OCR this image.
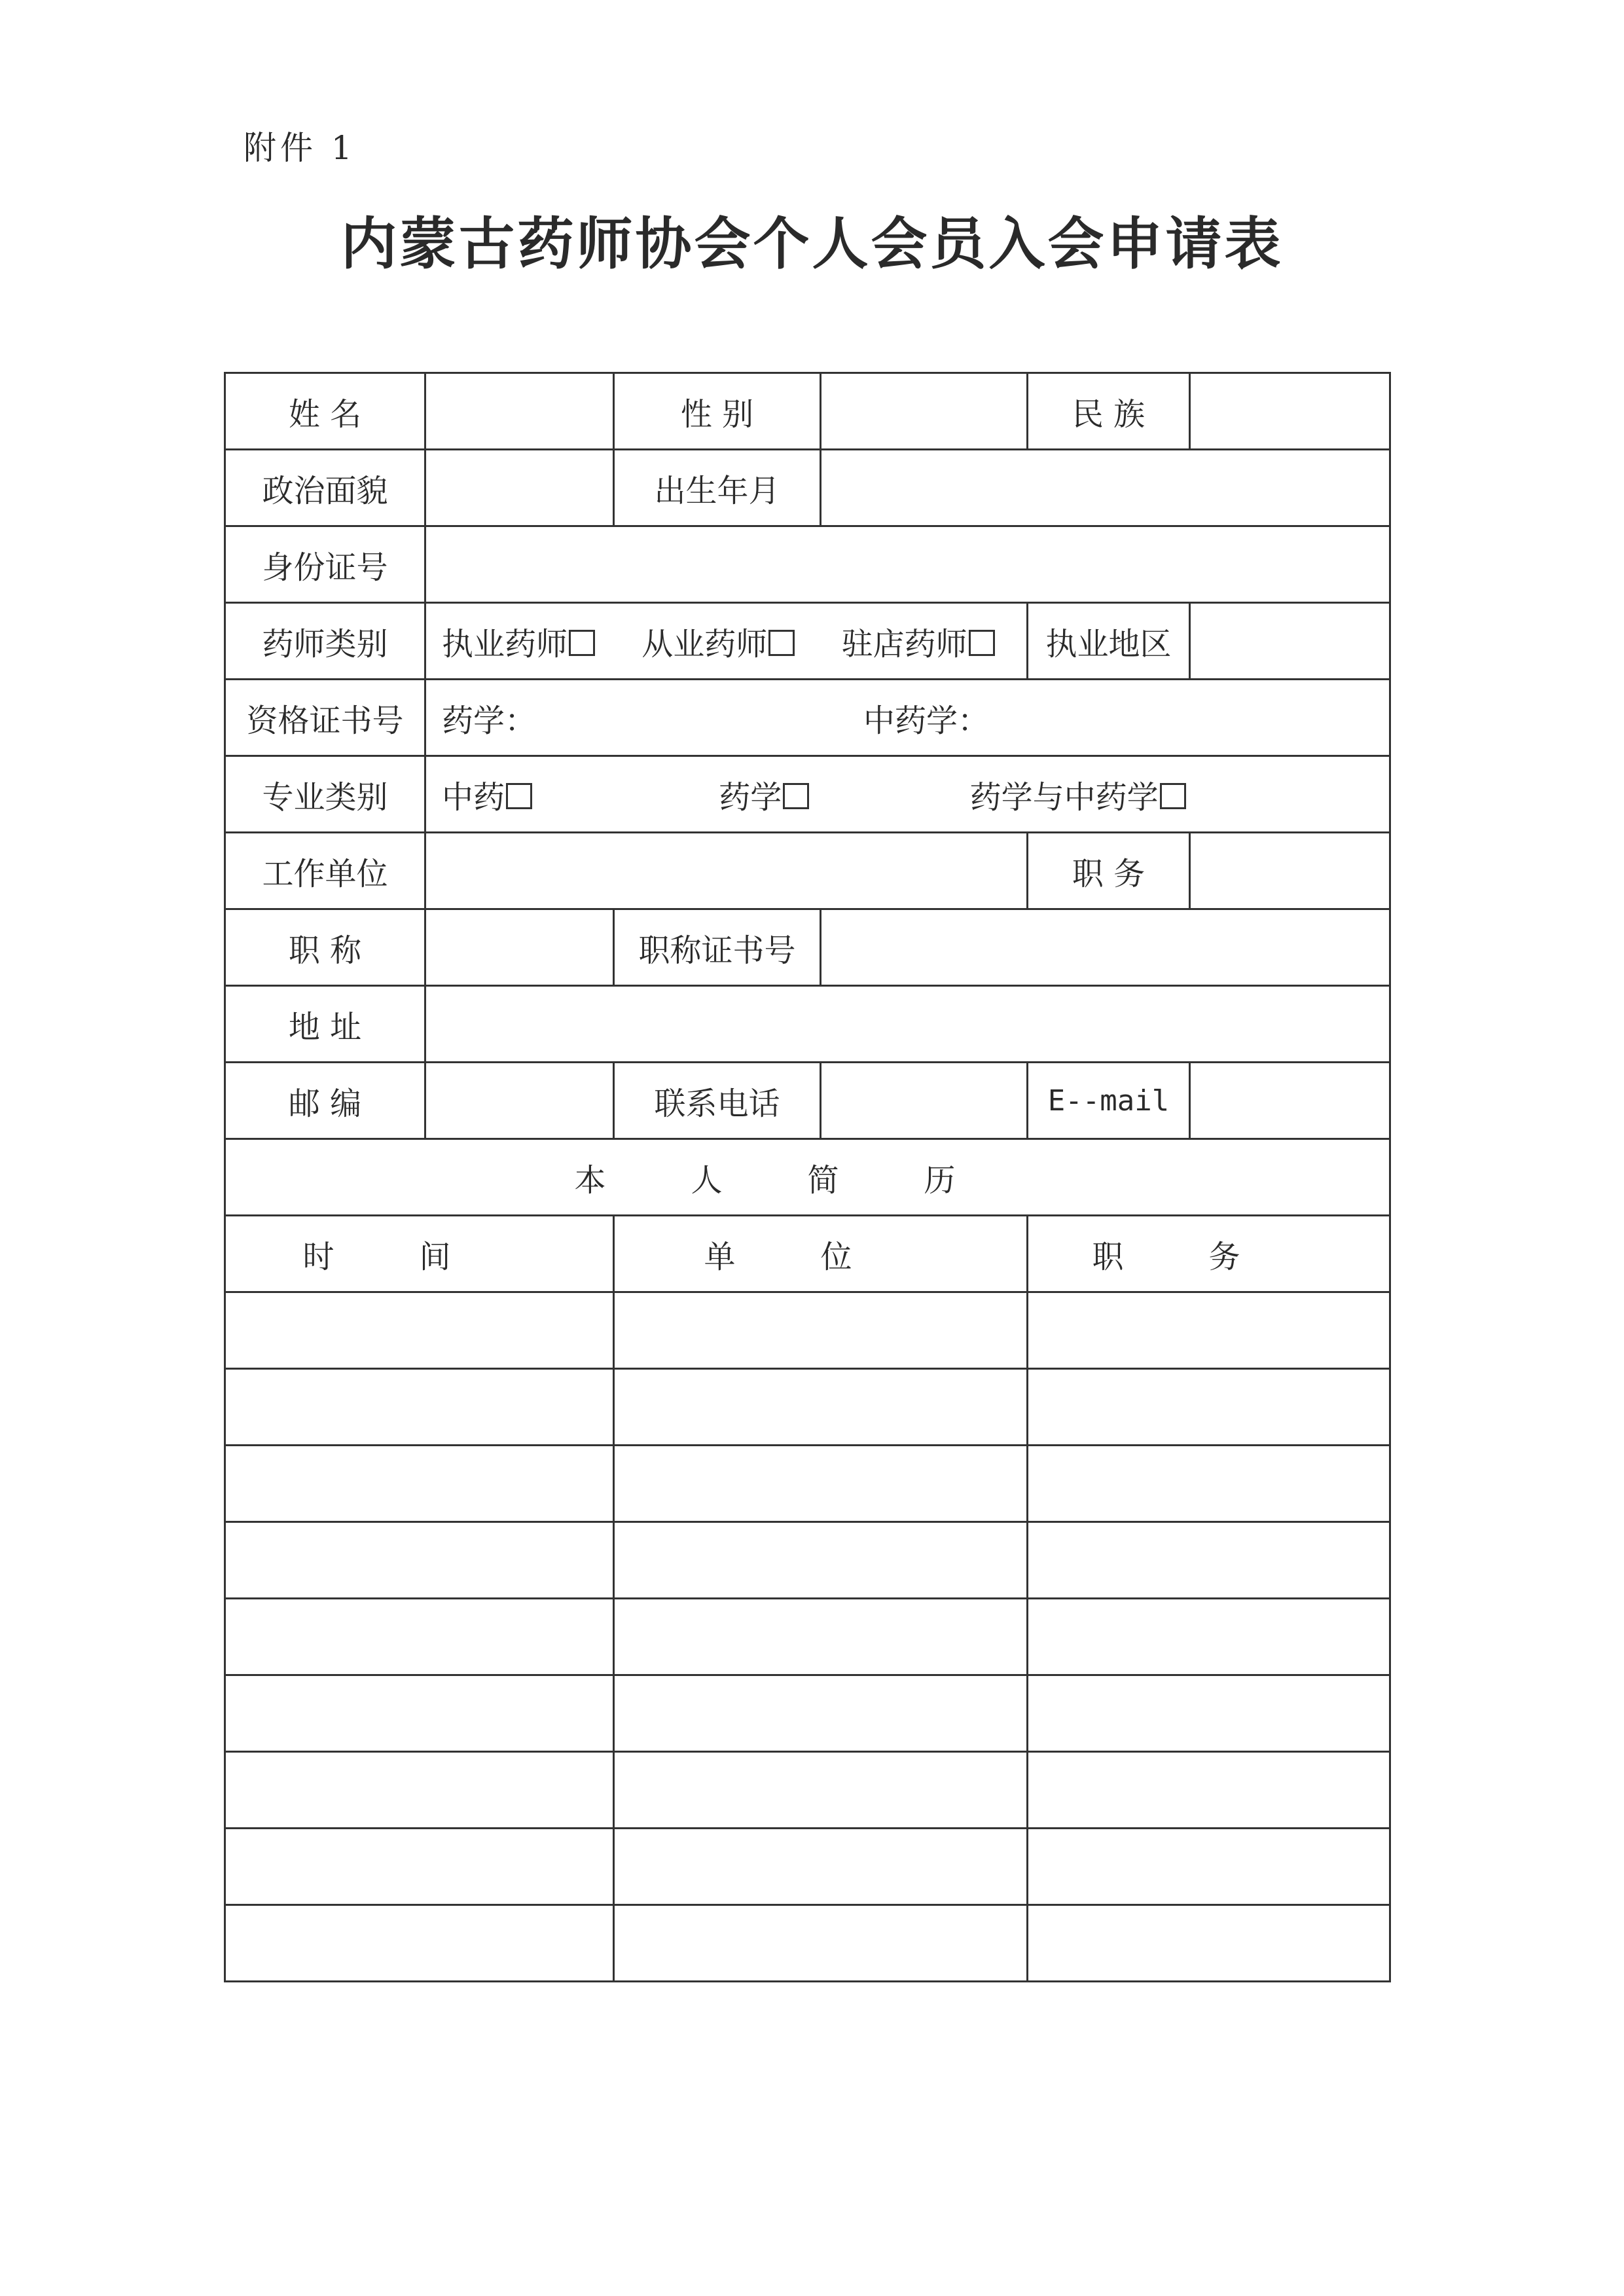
附件 1
内蒙古药师协会个人会员入会申请表
姓 名		性 别		民 族	
政治面貌		出生年月			
身份证号					
药师类别	执业药师 从业药师 驻店药师			执业地区	
资格证书号	药学： 中药学：				
专业类别	中药 药学 药学与中药学				
工作单位				职 务	
职 称		职称证书号			
地 址					
邮 编		联系电话		E--mail	
本人简历					
时间		单位		职务	
